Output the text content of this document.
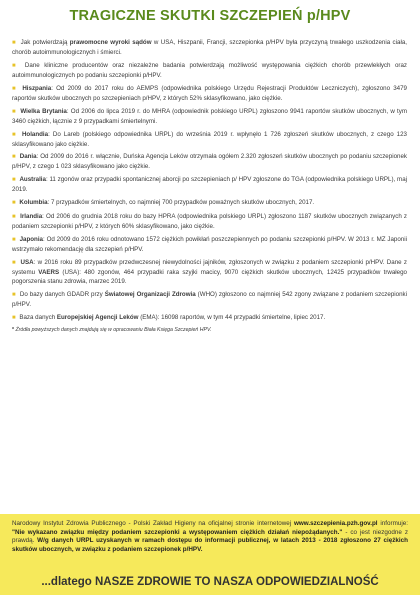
TRAGICZNE SKUTKI SZCZEPIEŃ p/HPV

■ Jak potwierdzają prawomocne wyroki sądów w USA, Hiszpanii, Francji, szczepionka p/HPV była przyczyną trwałego uszkodzenia ciała, chorób autoimmunologicznych i śmierci.

■ Dane kliniczne producentów oraz niezależne badania potwierdzają możliwość występowania ciężkich chorób przewlekłych oraz autoimmunologicznych po podaniu szczepionki p/HPV.

■ Hiszpania: Od 2009 do 2017 roku do AEMPS (odpowiednika polskiego Urzędu Rejestracji Produktów Leczniczych), zgłoszono 3479 raportów skutków ubocznych po szczepieniach p/HPV, z których 52% sklasyfikowano, jako ciężkie.

■ Wielka Brytania: Od 2006 do lipca 2019 r. do MHRA (odpowiednik polskiego URPL) zgłoszono 9941 raportów skutków ubocznych, w tym 3460 ciężkich, łącznie z 9 przypadkami śmiertelnymi.

■ Holandia: Do Lareb (polskiego odpowiednika URPL) do września 2019 r. wpłynęło 1 726 zgłoszeń skutków ubocznych, z czego 123 sklasyfikowano jako ciężkie.

■ Dania: Od 2009 do 2016 r. włącznie, Duńska Agencja Leków otrzymała ogółem 2.320 zgłoszeń skutków ubocznych po podaniu szczepionek p/HPV, z czego 1 023 sklasyfikowano jako ciężkie.

■ Australia: 11 zgonów oraz przypadki spontanicznej aborcji po szczepieniach p/ HPV zgłoszone do TGA (odpowiednika polskiego URPL), maj 2019.

■ Kolumbia: 7 przypadków śmiertelnych, co najmniej 700 przypadków poważnych skutków ubocznych, 2017.

■ Irlandia: Od 2006 do grudnia 2018 roku do bazy HPRA (odpowiednika polskiego URPL) zgłoszono 1187 skutków ubocznych związanych z podaniem szczepionki p/HPV, z których 60% sklasyfikowano, jako ciężkie.

■ Japonia: Od 2009 do 2016 roku odnotowano 1572 ciężkich powikłań poszczepiennych po podaniu szczepionki p/HPV. W 2013 r. MZ Japonii wstrzymało rekomendację dla szczepień p/HPV.

■ USA: w 2016 roku 89 przypadków przedwczesnej niewydolności jajników, zgłoszonych w związku z podaniem szczepionki p/HPV. Dane z systemu VAERS (USA): 480 zgonów, 464 przypadki raka szyjki macicy, 9070 ciężkich skutków ubocznych, 12425 przypadków trwałego pogorszenia stanu zdrowia, marzec 2019.

■ Do bazy danych GDADR przy Światowej Organizacji Zdrowia (WHO) zgłoszono co najmniej 542 zgony związane z podaniem szczepionki p/HPV.

■ Baza danych Europejskiej Agencji Leków (EMA): 16098 raportów, w tym 44 przypadki śmiertelne, lipiec 2017.

* Źródła powyższych danych znajdują się w opracowaniu Biała Księga Szczepień HPV.

Narodowy Instytut Zdrowia Publicznego - Polski Zakład Higieny na oficjalnej stronie internetowej www.szczepienia.pzh.gov.pl informuje: "Nie wykazano związku między podaniem szczepionki a występowaniem ciężkich działań niepożądanych." - co jest niezgodne z prawdą. W/g danych URPL uzyskanych w ramach dostępu do informacji publicznej, w latach 2013 - 2018 zgłoszono 27 ciężkich skutków ubocznych, w związku z podaniem szczepionek p/HPV.

...dlatego NASZE ZDROWIE TO NASZA ODPOWIEDZIALNOŚĆ
